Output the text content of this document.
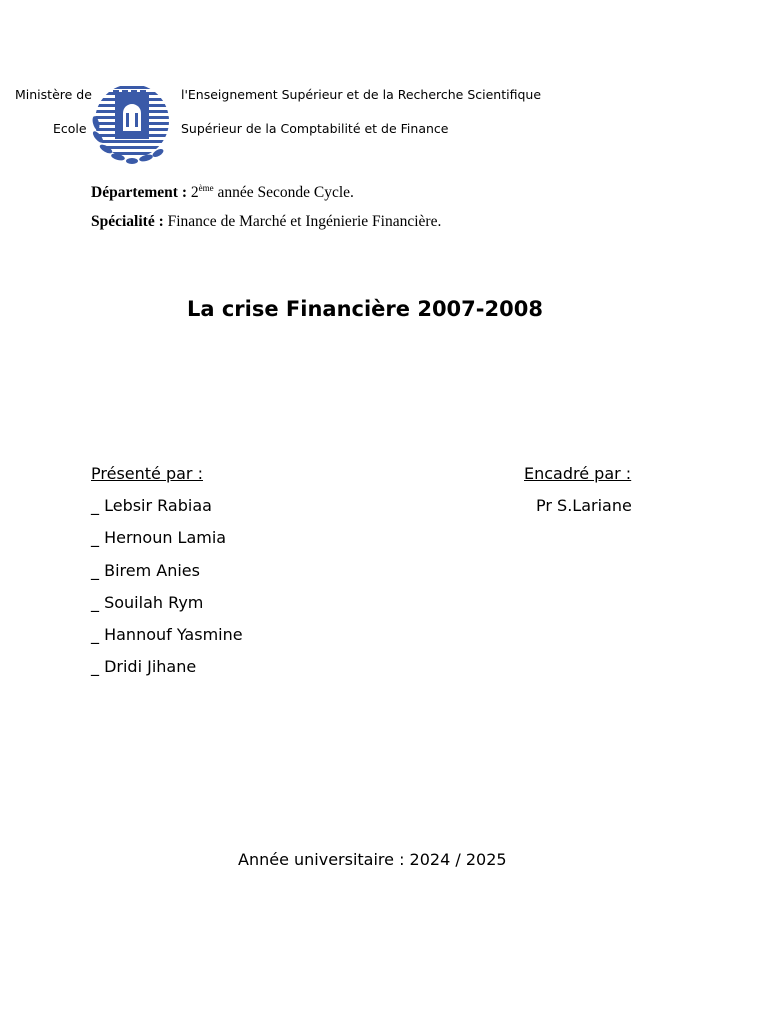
Ministère de	l'Enseignement Supérieur et de la Recherche Scientifique
Ecole	Supérieur de la Comptabilité et de Finance
Département : 2ème année Seconde Cycle.
Spécialité : Finance de Marché et Ingénierie Financière.
La crise Financière 2007-2008
Présenté par :
_ Lebsir Rabiaa
_ Hernoun Lamia
_ Birem Anies
_ Souilah Rym
_ Hannouf Yasmine
_ Dridi Jihane
Encadré par :
Pr S.Lariane
Année universitaire : 2024 / 2025
